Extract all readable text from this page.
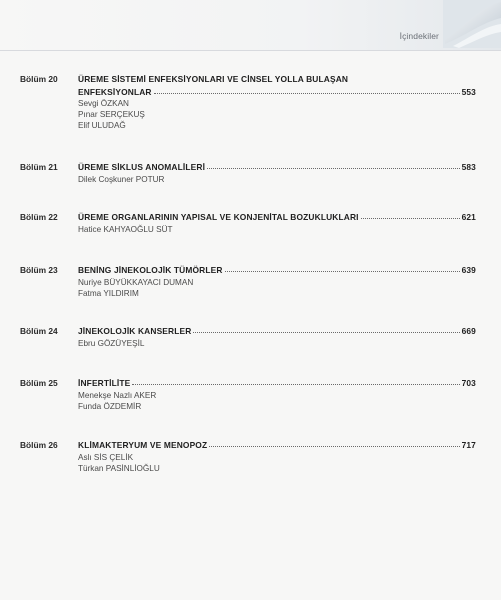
İçindekiler
Bölüm 20 ÜREME SİSTEMİ ENFEKSİYONLARI VE CİNSEL YOLLA BULAŞAN
ENFEKSİYONLAR	553
Sevgi ÖZKAN
Pınar SERÇEKUŞ
Elif ULUDAĞ
Bölüm 21 ÜREME SİKLUS ANOMALİLERİ	583
Dilek Coşkuner POTUR
Bölüm 22 ÜREME ORGANLARININ YAPISAL VE KONJENİTAL BOZUKLUKLARI	621
Hatice KAHYAOĞLU SÜT
Bölüm 23 BENİNG JİNEKOLOJİK TÜMÖRLER	639
Nuriye BÜYÜKKAYACI DUMAN
Fatma YILDIRIM
Bölüm 24 JİNEKOLOJİK KANSERLER	669
Ebru GÖZÜYEŞİL
Bölüm 25 İNFERTİLİTE	703
Menekşe Nazlı AKER
Funda ÖZDEMİR
Bölüm 26 KLİMAKTERYUM VE MENOPOZ	717
Aslı SİS ÇELİK
Türkan PASİNLİOĞLU
